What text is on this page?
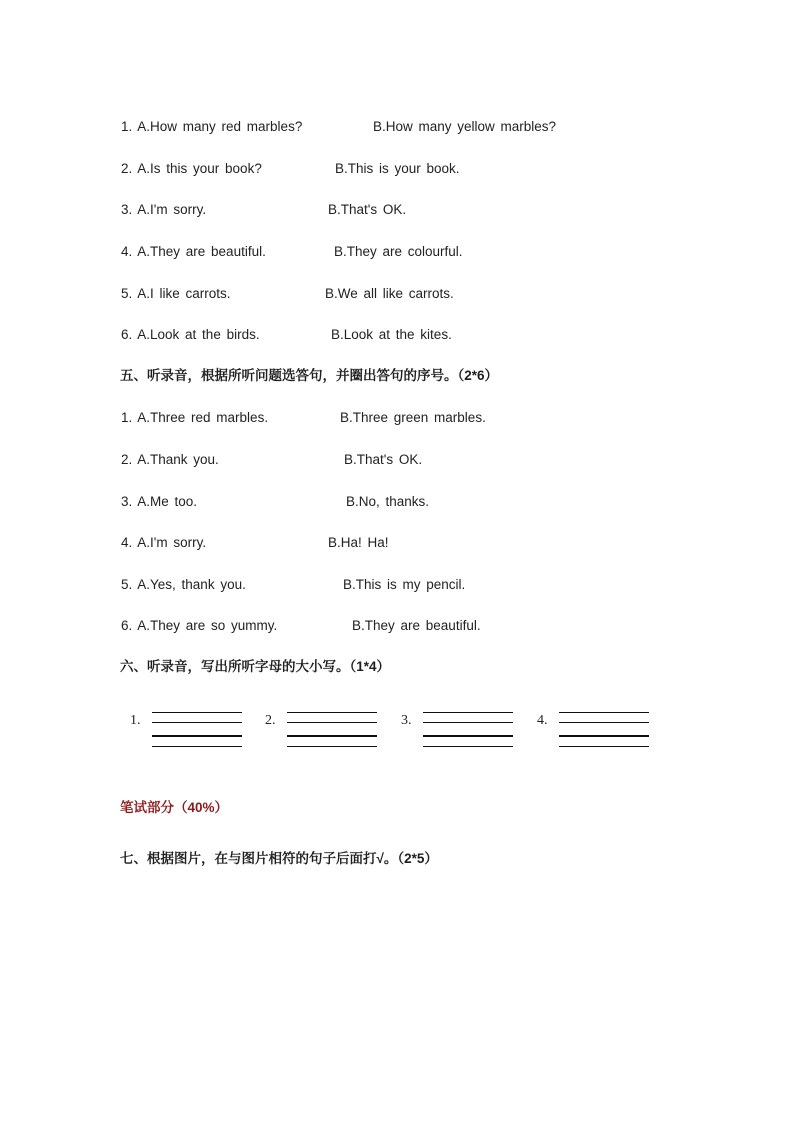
1. A.How many red marbles?	B.How many yellow marbles?
2. A.Is this your book?	B.This is your book.
3. A.I'm sorry.	B.That's OK.
4. A.They are beautiful.	B.They are colourful.
5. A.I like carrots.	B.We all like carrots.
6. A.Look at the birds.	B.Look at the kites.
五、听录音，根据所听问题选答句，并圈出答句的序号。（2*6）
1. A.Three red marbles.	B.Three green marbles.
2. A.Thank you.	B.That's OK.
3. A.Me too.	B.No, thanks.
4. A.I'm sorry.	B.Ha! Ha!
5. A.Yes, thank you.	B.This is my pencil.
6. A.They are so yummy.	B.They are beautiful.
六、听录音，写出所听字母的大小写。（1*4）
1.	2.	3.	4.
笔试部分（40%）
七、根据图片，在与图片相符的句子后面打√。（2*5）
